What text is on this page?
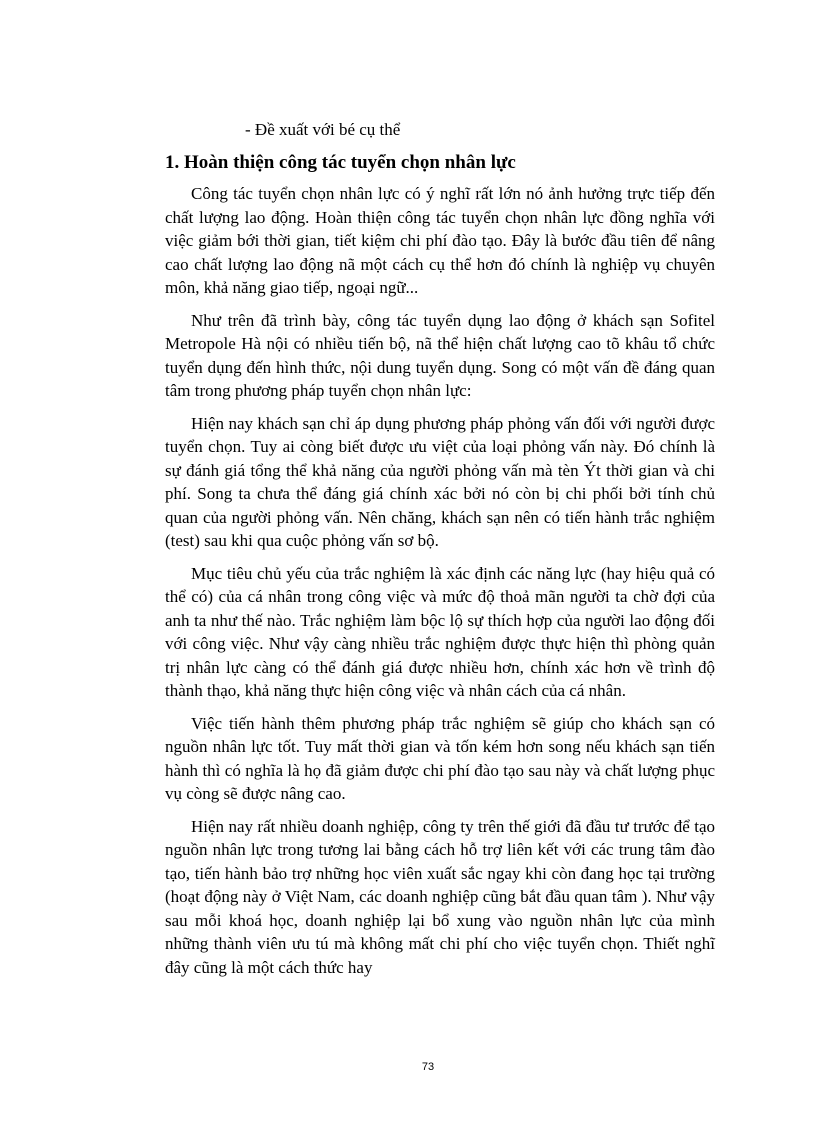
- Đề xuất với bé cụ thể

1. Hoàn thiện công tác tuyển chọn nhân lực

Công tác tuyển chọn nhân lực có ý nghĩ rất lớn nó ảnh hưởng trực tiếp đến chất lượng lao động. Hoàn thiện công tác tuyển chọn nhân lực đồng nghĩa với việc giảm bới thời gian, tiết kiệm chi phí đào tạo. Đây là bước đầu tiên để nâng cao chất lượng lao động nã một cách cụ thể hơn đó chính là nghiệp vụ chuyên môn, khả năng giao tiếp, ngoại ngữ...

Như trên đã trình bày, công tác tuyển dụng lao động ở khách sạn Sofitel Metropole Hà nội có nhiều tiến bộ, nã thể hiện chất lượng cao tõ khâu tổ chức tuyển dụng đến hình thức, nội dung tuyển dụng. Song có một vấn đề đáng quan tâm trong phương pháp tuyển chọn nhân lực:

Hiện nay khách sạn chỉ áp dụng phương pháp phỏng vấn đối với người được tuyển chọn. Tuy ai còng biết được ưu việt của loại phỏng vấn này. Đó chính là sự đánh giá tổng thể khả năng của người phỏng vấn mà tèn Ýt thời gian và chi phí. Song ta chưa thể đáng giá chính xác bởi nó còn bị chi phối bởi tính chủ quan của người phỏng vấn. Nên chăng, khách sạn nên có tiến hành trắc nghiệm (test) sau khi qua cuộc phỏng vấn sơ bộ.

Mục tiêu chủ yếu của trắc nghiệm là xác định các năng lực (hay hiệu quả có thể có) của cá nhân trong công việc và mức độ thoả mãn người ta chờ đợi của anh ta như thế nào. Trắc nghiệm làm bộc lộ sự thích hợp của người lao động đối với công việc. Như vậy càng nhiều trắc nghiệm được thực hiện thì phòng quản trị nhân lực càng có thể đánh giá được nhiều hơn, chính xác hơn về trình độ thành thạo, khả năng thực hiện công việc và nhân cách của cá nhân.

Việc tiến hành thêm phương pháp trắc nghiệm sẽ giúp cho khách sạn có nguồn nhân lực tốt. Tuy mất thời gian và tốn kém hơn song nếu khách sạn tiến hành thì có nghĩa là họ đã giảm được chi phí đào tạo sau này và chất lượng phục vụ còng sẽ được nâng cao.

Hiện nay rất nhiều doanh nghiệp, công ty trên thế giới đã đầu tư trước để tạo nguồn nhân lực trong tương lai bằng cách hỗ trợ liên kết với các trung tâm đào tạo, tiến hành bảo trợ những học viên xuất sắc ngay khi còn đang học tại trường (hoạt động này ở Việt Nam, các doanh nghiệp cũng bắt đầu quan tâm ). Như vậy sau mỗi khoá học, doanh nghiệp lại bổ xung vào nguồn nhân lực của mình những thành viên ưu tú mà không mất chi phí cho việc tuyển chọn. Thiết nghĩ đây cũng là một cách thức hay

73
